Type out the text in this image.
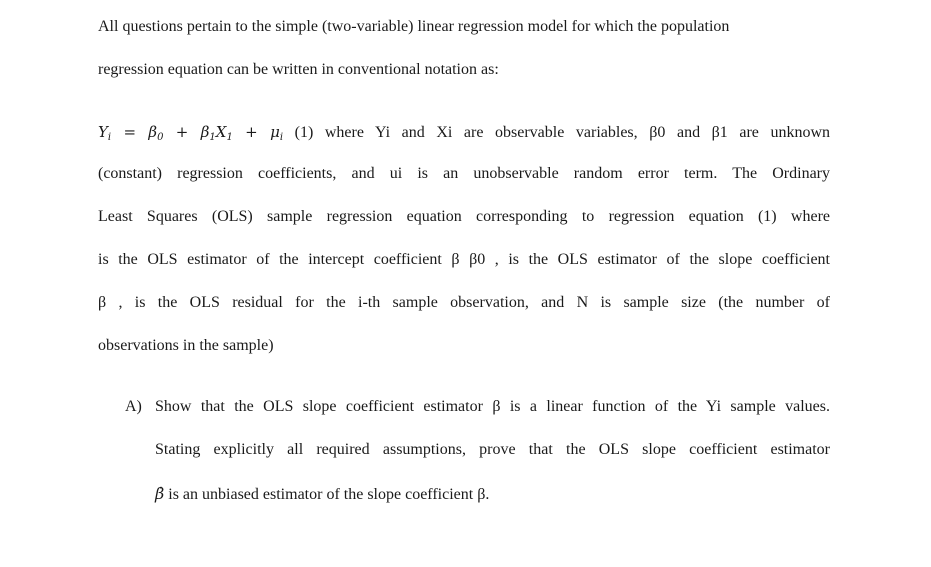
All questions pertain to the simple (two-variable) linear regression model for which the population
regression equation can be written in conventional notation as:
$Y_i = \beta_0 + \beta_1X_1 + \mu_i$ (1) where Yi and Xi are observable variables, β0 and β1 are unknown
(constant) regression coefficients, and ui is an unobservable random error term. The Ordinary
Least Squares (OLS) sample regression equation corresponding to regression equation (1) where
is the OLS estimator of the intercept coefficient β β0 , is the OLS estimator of the slope coefficient
β , is the OLS residual for the i-th sample observation, and N is sample size (the number of
observations in the sample)
A) Show that the OLS slope coefficient estimator β is a linear function of the Yi sample values.
Stating explicitly all required assumptions, prove that the OLS slope coefficient estimator
β̇ is an unbiased estimator of the slope coefficient β.
